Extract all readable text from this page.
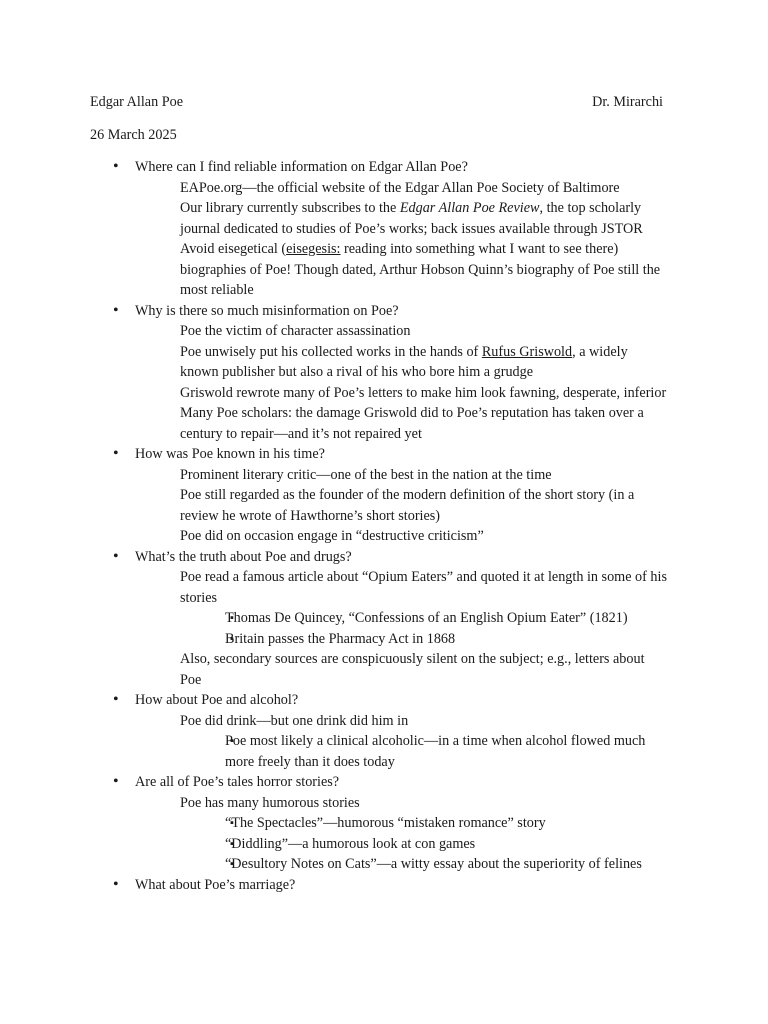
Edgar Allan Poe	Dr. Mirarchi
26 March 2025
• Where can I find reliable information on Edgar Allan Poe?
EAPoe.org—the official website of the Edgar Allan Poe Society of Baltimore
Our library currently subscribes to the Edgar Allan Poe Review, the top scholarly journal dedicated to studies of Poe’s works; back issues available through JSTOR
Avoid eisegetical (eisegesis: reading into something what I want to see there) biographies of Poe! Though dated, Arthur Hobson Quinn’s biography of Poe still the most reliable
• Why is there so much misinformation on Poe?
Poe the victim of character assassination
Poe unwisely put his collected works in the hands of Rufus Griswold, a widely known publisher but also a rival of his who bore him a grudge
Griswold rewrote many of Poe’s letters to make him look fawning, desperate, inferior
Many Poe scholars: the damage Griswold did to Poe’s reputation has taken over a century to repair—and it’s not repaired yet
• How was Poe known in his time?
Prominent literary critic—one of the best in the nation at the time
Poe still regarded as the founder of the modern definition of the short story (in a review he wrote of Hawthorne’s short stories)
Poe did on occasion engage in “destructive criticism”
• What’s the truth about Poe and drugs?
Poe read a famous article about “Opium Eaters” and quoted it at length in some of his stories
▪ Thomas De Quincey, “Confessions of an English Opium Eater” (1821)
▪ Britain passes the Pharmacy Act in 1868
Also, secondary sources are conspicuously silent on the subject; e.g., letters about Poe
• How about Poe and alcohol?
Poe did drink—but one drink did him in
▪ Poe most likely a clinical alcoholic—in a time when alcohol flowed much more freely than it does today
• Are all of Poe’s tales horror stories?
Poe has many humorous stories
▪ “The Spectacles”—humorous “mistaken romance” story
▪ “Diddling”—a humorous look at con games
▪ “Desultory Notes on Cats”—a witty essay about the superiority of felines
• What about Poe’s marriage?
